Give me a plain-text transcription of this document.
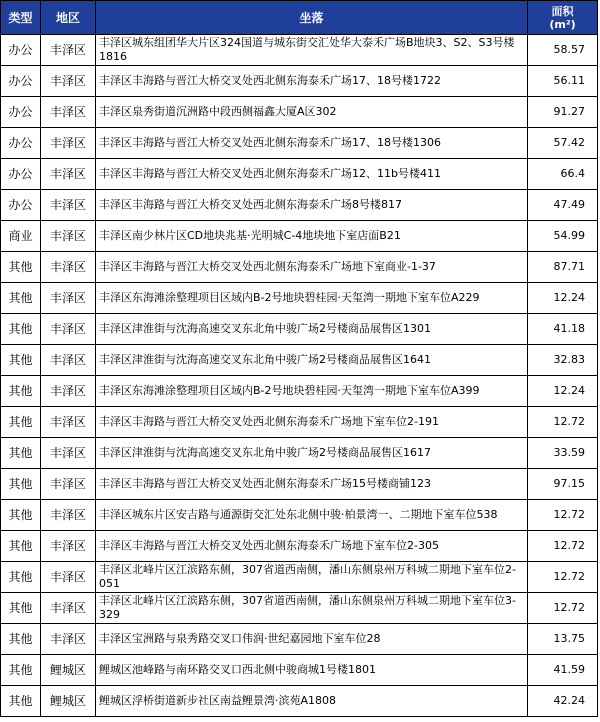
类型	地区	坐落	面积
(m²)

办公	丰泽区	丰泽区城东组团华大片区324国道与城东街交汇处华大泰禾广场B地块3、S2、S3号楼1816	58.57
办公	丰泽区	丰泽区丰海路与晋江大桥交叉处西北侧东海泰禾广场17、18号楼1722	56.11
办公	丰泽区	丰泽区泉秀街道沉洲路中段西侧福鑫大厦A区302	91.27
办公	丰泽区	丰泽区丰海路与晋江大桥交叉处西北侧东海泰禾广场17、18号楼1306	57.42
办公	丰泽区	丰泽区丰海路与晋江大桥交叉处西北侧东海泰禾广场12、11b号楼411	66.4
办公	丰泽区	丰泽区丰海路与晋江大桥交叉处西北侧东海泰禾广场8号楼817	47.49
商业	丰泽区	丰泽区南少林片区CD地块兆基·光明城C-4地块地下室店面B21	54.99
其他	丰泽区	丰泽区丰海路与晋江大桥交叉处西北侧东海泰禾广场地下室商业-1-37	87.71
其他	丰泽区	丰泽区东海滩涂整理项目区域内B-2号地块碧桂园·天玺湾一期地下室车位A229	12.24
其他	丰泽区	丰泽区津淮街与沈海高速交叉东北角中骏广场2号楼商品展售区1301	41.18
其他	丰泽区	丰泽区津淮街与沈海高速交叉东北角中骏广场2号楼商品展售区1641	32.83
其他	丰泽区	丰泽区东海滩涂整理项目区域内B-2号地块碧桂园·天玺湾一期地下室车位A399	12.24
其他	丰泽区	丰泽区丰海路与晋江大桥交叉处西北侧东海泰禾广场地下室车位2-191	12.72
其他	丰泽区	丰泽区津淮街与沈海高速交叉东北角中骏广场2号楼商品展售区1617	33.59
其他	丰泽区	丰泽区丰海路与晋江大桥交叉处西北侧东海泰禾广场15号楼商铺123	97.15
其他	丰泽区	丰泽区城东片区安吉路与通源街交汇处东北侧中骏·柏景湾一、二期地下室车位538	12.72
其他	丰泽区	丰泽区丰海路与晋江大桥交叉处西北侧东海泰禾广场地下室车位2-305	12.72
其他	丰泽区	丰泽区北峰片区江滨路东侧，307省道西南侧，潘山东侧泉州万科城二期地下室车位2-051	12.72
其他	丰泽区	丰泽区北峰片区江滨路东侧，307省道西南侧，潘山东侧泉州万科城二期地下室车位3-329	12.72
其他	丰泽区	丰泽区宝洲路与泉秀路交叉口伟润·世纪嘉园地下室车位28	13.75
其他	鲤城区	鲤城区池峰路与南环路交叉口西北侧中骏商城1号楼1801	41.59
其他	鲤城区	鲤城区浮桥街道新步社区南益鲤景湾·滨苑A1808	42.24
